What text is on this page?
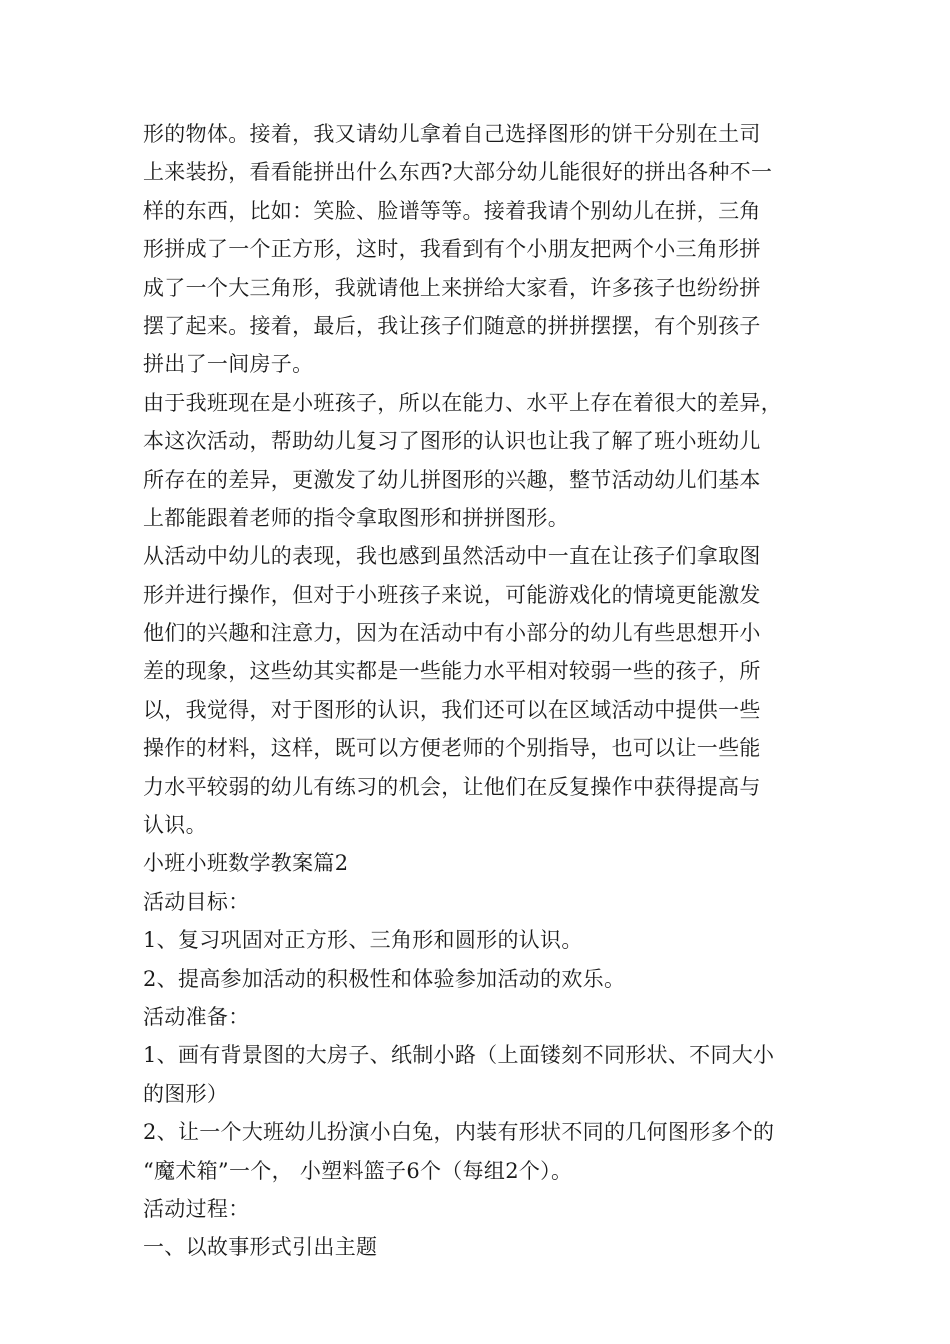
形的物体。接着，我又请幼儿拿着自己选择图形的饼干分别在土司
上来装扮，看看能拼出什么东西?大部分幼儿能很好的拼出各种不一
样的东西，比如：笑脸、脸谱等等。接着我请个别幼儿在拼，三角
形拼成了一个正方形，这时，我看到有个小朋友把两个小三角形拼
成了一个大三角形，我就请他上来拼给大家看，许多孩子也纷纷拼
摆了起来。接着，最后，我让孩子们随意的拼拼摆摆，有个别孩子
拼出了一间房子。
由于我班现在是小班孩子，所以在能力、水平上存在着很大的差异，
本这次活动，帮助幼儿复习了图形的认识也让我了解了班小班幼儿
所存在的差异，更激发了幼儿拼图形的兴趣，整节活动幼儿们基本
上都能跟着老师的指令拿取图形和拼拼图形。
从活动中幼儿的表现，我也感到虽然活动中一直在让孩子们拿取图
形并进行操作，但对于小班孩子来说，可能游戏化的情境更能激发
他们的兴趣和注意力，因为在活动中有小部分的幼儿有些思想开小
差的现象，这些幼其实都是一些能力水平相对较弱一些的孩子，所
以，我觉得，对于图形的认识，我们还可以在区域活动中提供一些
操作的材料，这样，既可以方便老师的个别指导，也可以让一些能
力水平较弱的幼儿有练习的机会，让他们在反复操作中获得提高与
认识。
小班小班数学教案篇2
活动目标：
1、复习巩固对正方形、三角形和圆形的认识。
2、提高参加活动的积极性和体验参加活动的欢乐。
活动准备：
1、画有背景图的大房子、纸制小路（上面镂刻不同形状、不同大小
的图形）
2、让一个大班幼儿扮演小白兔，内装有形状不同的几何图形多个的
“魔术箱”一个， 小塑料篮子6个（每组2个）。
活动过程：
一、以故事形式引出主题
